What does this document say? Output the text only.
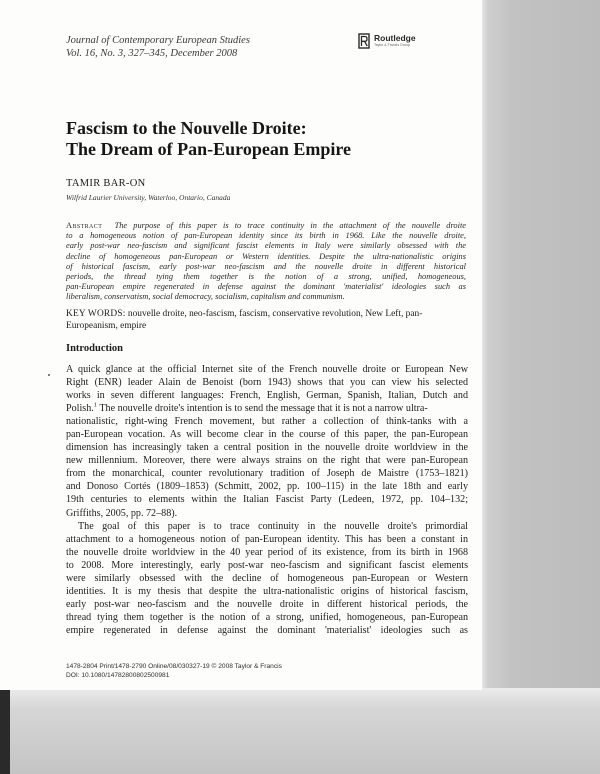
Journal of Contemporary European Studies
Vol. 16, No. 3, 327–345, December 2008
Routledge
Taylor & Francis Group
Fascism to the Nouvelle Droite:
The Dream of Pan-European Empire
TAMIR BAR-ON
Wilfrid Laurier University, Waterloo, Ontario, Canada
Abstract The purpose of this paper is to trace continuity in the attachment of the nouvelle droite
to a homogeneous notion of pan-European identity since its birth in 1968. Like the nouvelle droite,
early post-war neo-fascism and significant fascist elements in Italy were similarly obsessed with the
decline of homogeneous pan-European or Western identities. Despite the ultra-nationalistic origins
of historical fascism, early post-war neo-fascism and the nouvelle droite in different historical
periods, the thread tying them together is the notion of a strong, unified, homogeneous,
pan-European empire regenerated in defense against the dominant 'materialist' ideologies such as
liberalism, conservatism, social democracy, socialism, capitalism and communism.
KEY WORDS: nouvelle droite, neo-fascism, fascism, conservative revolution, New Left, pan-Europeanism, empire
Introduction
A quick glance at the official Internet site of the French nouvelle droite or European New
Right (ENR) leader Alain de Benoist (born 1943) shows that you can view his selected
works in seven different languages: French, English, German, Spanish, Italian, Dutch and
Polish.$^1$ The nouvelle droite's intention is to send the message that it is not a narrow ultra-
nationalistic, right-wing French movement, but rather a collection of think-tanks with a
pan-European vocation. As will become clear in the course of this paper, the pan-European
dimension has increasingly taken a central position in the nouvelle droite worldview in the
new millennium. Moreover, there were always strains on the right that were pan-European
from the monarchical, counter revolutionary tradition of Joseph de Maistre (1753–1821)
and Donoso Cortés (1809–1853) (Schmitt, 2002, pp. 100–115) in the late 18th and early
19th centuries to elements within the Italian Fascist Party (Ledeen, 1972, pp. 104–132;
Griffiths, 2005, pp. 72–88).
The goal of this paper is to trace continuity in the nouvelle droite's primordial
attachment to a homogeneous notion of pan-European identity. This has been a constant in
the nouvelle droite worldview in the 40 year period of its existence, from its birth in 1968
to 2008. More interestingly, early post-war neo-fascism and significant fascist elements
were similarly obsessed with the decline of homogeneous pan-European or Western
identities. It is my thesis that despite the ultra-nationalistic origins of historical fascism,
early post-war neo-fascism and the nouvelle droite in different historical periods, the
thread tying them together is the notion of a strong, unified, homogeneous, pan-European
empire regenerated in defense against the dominant 'materialist' ideologies such as
1478-2804 Print/1478-2790 Online/08/030327-19 © 2008 Taylor & Francis
DOI: 10.1080/14782800802500981
